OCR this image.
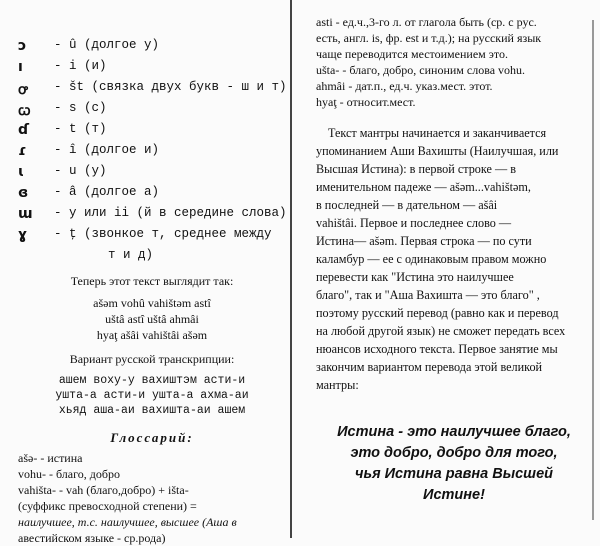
ↄ	- û (долгое у)
ı	- i (и)
ꝍ	- št (связка двух букв - ш и т)
ꞷ	- s (с)
ɗ	- t (т)
ɾ	- î (долгое и)
ɩ	- u (у)
ɞ	- â (долгое а)
ɯ	- y или ii (й в середине слова)
ɣ	- ţ (звонкое т, среднее между
т и д)
Теперь этот текст выглядит так:
ašəm vohû vahištəm astî
uštâ astî uštâ ahmâi
hyaţ ašâi vahištâi ašəm
Вариант русской транскрипции:
ашем воху-у вахиштэм асти-и
уштa-а асти-и уштa-а ахма-аи
хьяд аша-аи вахишта-аи ашем
Глоссарий:
ašə- - истина
vohu- - благо, добро
vahišta- - vah (благо,добро) + išta-
(суффикс превосходной степени) =
наилучшее, т.с. наилучшее, высшее (Аша в
авестийском языке - ср.рода)
asti - ед.ч.,3-го л. от глагола быть (ср. с рус.
есть, англ. is, фр. est и т.д.); на русский язык
чаще переводится местоимением это.
ušta- - благо, добро, синоним слова vohu.
ahmâi - дат.п., ед.ч. указ.мест. этот.
hyaţ - относит.мест.
Текст мантры начинается и заканчивается
упоминанием Аши Вахишты (Наилучшая, или
Высшая Истина): в первой строке — в
именительном падеже — ašəm...vahištəm,
в последней — в дательном — ašâi
vahištâi. Первое и последнее слово —
Истина— ašəm. Первая строка — по сути
каламбур — ее с одинаковым правом можно
перевести как "Истина это наилучшее
благо", так и "Аша Вахишта — это благо" ,
поэтому русский перевод (равно как и перевод
на любой другой язык) не сможет передать всех
нюансов исходного текста. Первое занятие мы
закончим вариантом перевода этой великой
мантры:
Истина - это наилучшее благо,
это добро, добро для того,
чья Истина равна Высшей
Истине!
